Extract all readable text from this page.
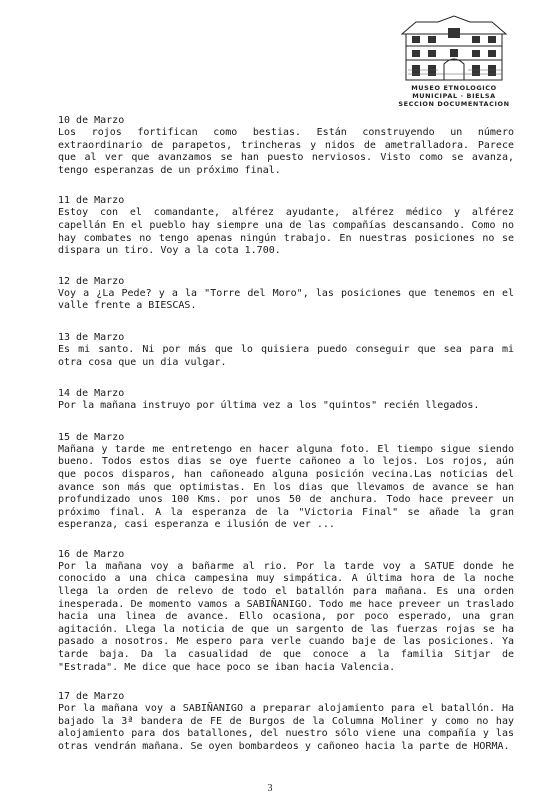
MUSEO ETNOLOGICO
MUNICIPAL · BIELSA
SECCION DOCUMENTACION
10 de Marzo
Los rojos fortifican como bestias. Están construyendo un número extraordinario de parapetos, trincheras y nidos de ametralladora. Parece que al ver que avanzamos se han puesto nerviosos. Visto como se avanza, tengo esperanzas de un próximo final.
11 de Marzo
Estoy con el comandante, alférez ayudante, alférez médico y alférez capellán En el pueblo hay siempre una de las compañías descansando. Como no hay combates no tengo apenas ningún trabajo. En nuestras posiciones no se dispara un tiro. Voy a la cota 1.700.
12 de Marzo
Voy a ¿La Pede? y a la "Torre del Moro", las posiciones que tenemos en el valle frente a BIESCAS.
13 de Marzo
Es mi santo. Ni por más que lo quisiera puedo conseguir que sea para mi otra cosa que un dia vulgar.
14 de Marzo
Por la mañana instruyo por última vez a los "quintos" recién llegados.
15 de Marzo
Mañana y tarde me entretengo en hacer alguna foto. El tiempo sigue siendo bueno. Todos estos dias se oye fuerte cañoneo a lo lejos. Los rojos, aún que pocos disparos, han cañoneado alguna posición vecina.Las noticias del avance son más que optimistas. En los dias que llevamos de avance se han profundizado unos 100 Kms. por unos 50 de anchura. Todo hace preveer un próximo final. A la esperanza de la "Victoria Final" se añade la gran esperanza, casi esperanza e ilusión de ver ...
16 de Marzo
Por la mañana voy a bañarme al rio. Por la tarde voy a SATUE donde he conocido a una chica campesina muy simpática. A última hora de la noche llega la orden de relevo de todo el batallón para mañana. Es una orden inesperada. De momento vamos a SABIÑANIGO. Todo me hace preveer un traslado hacia una linea de avance. Ello ocasiona, por poco esperado, una gran agitación. Llega la noticia de que un sargento de las fuerzas rojas se ha pasado a nosotros. Me espero para verle cuando baje de las posiciones. Ya tarde baja. Da la casualidad de que conoce a la familia Sitjar de "Estrada". Me dice que hace poco se iban hacia Valencia.
17 de Marzo
Por la mañana voy a SABIÑANIGO a preparar alojamiento para el batallón. Ha bajado la 3ª bandera de FE de Burgos de la Columna Moliner y como no hay alojamiento para dos batallones, del nuestro sólo viene una compañía y las otras vendrán mañana. Se oyen bombardeos y cañoneo hacia la parte de HORMA.
3
